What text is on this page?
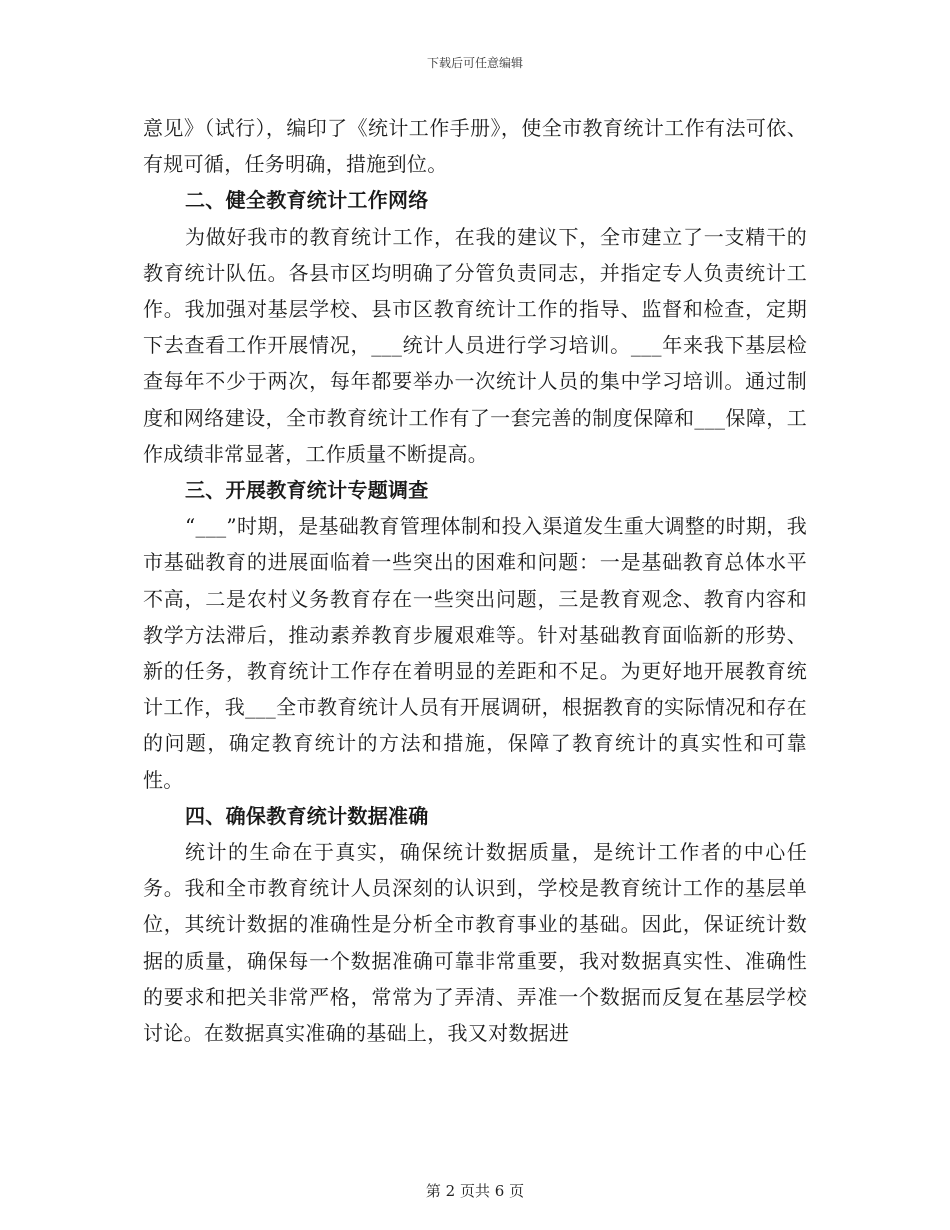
下载后可任意编辑

意见》（试行），编印了《统计工作手册》，使全市教育统计工作有法可依、有规可循，任务明确，措施到位。

二、健全教育统计工作网络

为做好我市的教育统计工作，在我的建议下，全市建立了一支精干的教育统计队伍。各县市区均明确了分管负责同志，并指定专人负责统计工作。我加强对基层学校、县市区教育统计工作的指导、监督和检查，定期下去查看工作开展情况，___统计人员进行学习培训。___年来我下基层检查每年不少于两次，每年都要举办一次统计人员的集中学习培训。通过制度和网络建设，全市教育统计工作有了一套完善的制度保障和___保障，工作成绩非常显著，工作质量不断提高。

三、开展教育统计专题调查

“___”时期，是基础教育管理体制和投入渠道发生重大调整的时期，我市基础教育的进展面临着一些突出的困难和问题：一是基础教育总体水平不高，二是农村义务教育存在一些突出问题，三是教育观念、教育内容和教学方法滞后，推动素养教育步履艰难等。针对基础教育面临新的形势、新的任务，教育统计工作存在着明显的差距和不足。为更好地开展教育统计工作，我___全市教育统计人员有开展调研，根据教育的实际情况和存在的问题，确定教育统计的方法和措施，保障了教育统计的真实性和可靠性。

四、确保教育统计数据准确

统计的生命在于真实，确保统计数据质量，是统计工作者的中心任务。我和全市教育统计人员深刻的认识到，学校是教育统计工作的基层单位，其统计数据的准确性是分析全市教育事业的基础。因此，保证统计数据的质量，确保每一个数据准确可靠非常重要，我对数据真实性、准确性的要求和把关非常严格，常常为了弄清、弄准一个数据而反复在基层学校讨论。在数据真实准确的基础上，我又对数据进

第 2 页共 6 页
